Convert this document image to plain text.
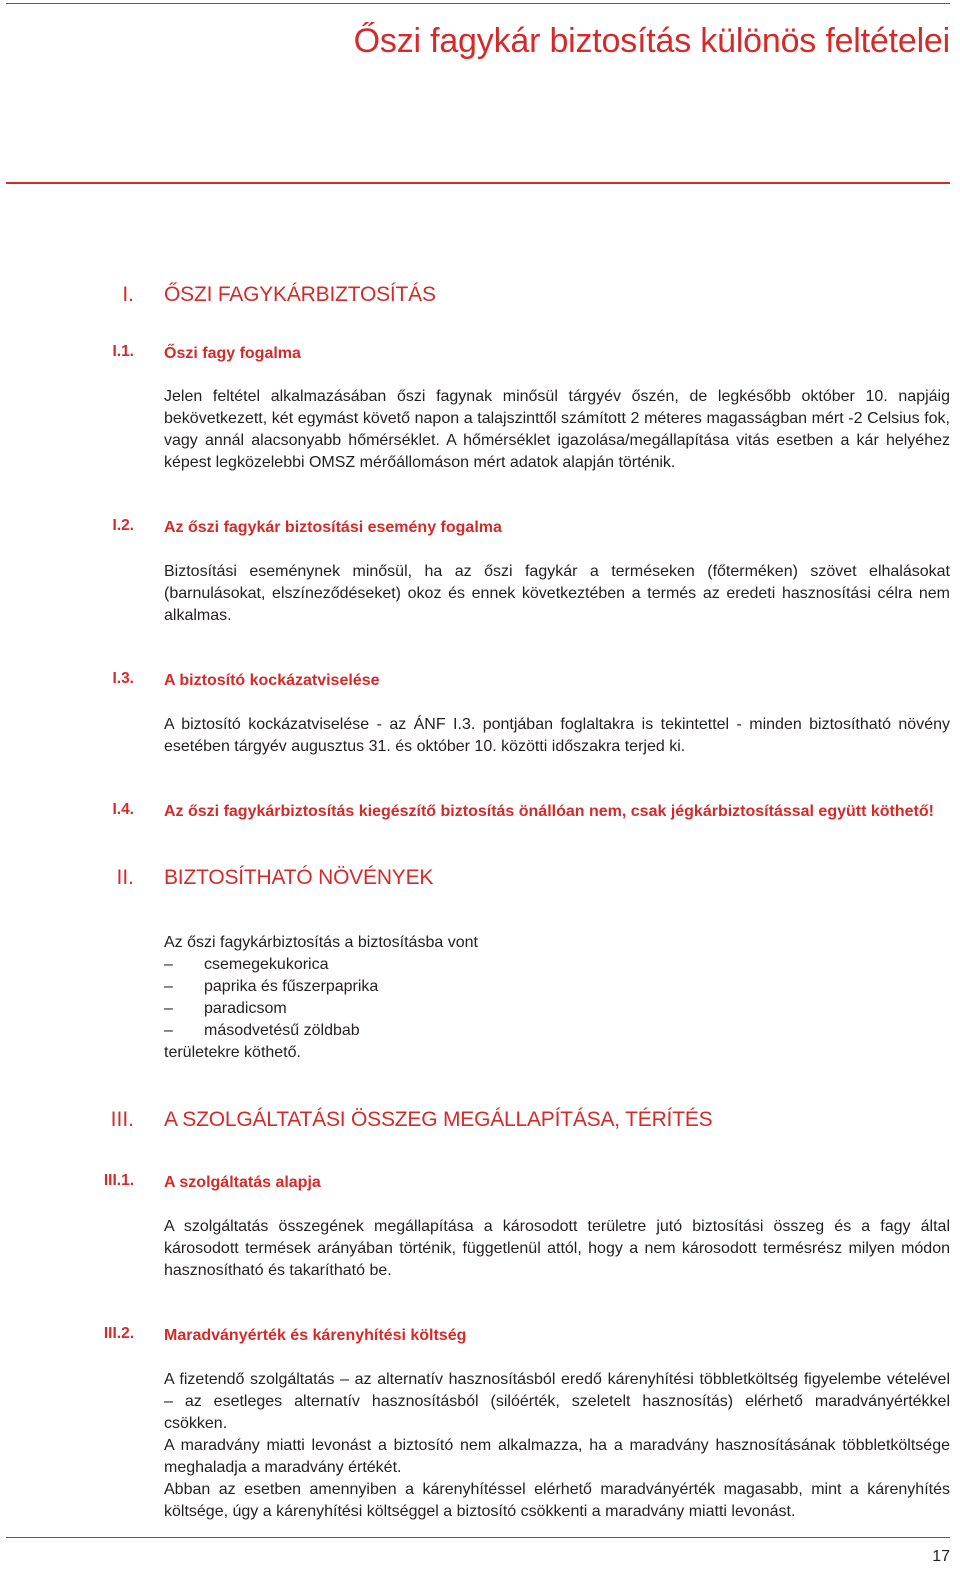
Őszi fagykár biztosítás különös feltételei

I. ŐSZI FAGYKÁRBIZTOSÍTÁS

I.1. Őszi fagy fogalma

Jelen feltétel alkalmazásában őszi fagynak minősül tárgyév őszén, de legkésőbb október 10. napjáig bekövetkezett, két egymást követő napon a talajszinttől számított 2 méteres magasságban mért -2 Celsius fok, vagy annál alacsonyabb hőmérséklet. A hőmérséklet igazolása/megállapítása vitás esetben a kár helyéhez képest legközelebbi OMSZ mérőállomáson mért adatok alapján történik.

I.2. Az őszi fagykár biztosítási esemény fogalma

Biztosítási eseménynek minősül, ha az őszi fagykár a terméseken (főterméken) szövet elhalásokat (barnulásokat, elszíneződéseket) okoz és ennek következtében a termés az eredeti hasznosítási célra nem alkalmas.

I.3. A biztosító kockázatviselése

A biztosító kockázatviselése - az ÁNF I.3. pontjában foglaltakra is tekintettel - minden biztosítható növény esetében tárgyév augusztus 31. és október 10. közötti időszakra terjed ki.

I.4. Az őszi fagykárbiztosítás kiegészítő biztosítás önállóan nem, csak jégkárbiztosítással együtt köthető!

II. BIZTOSÍTHATÓ NÖVÉNYEK
Az őszi fagykárbiztosítás a biztosításba vont
– csemegekukorica
– paprika és fűszerpaprika
– paradicsom
– másodvetésű zöldbab
területekre köthető.

III. A SZOLGÁLTATÁSI ÖSSZEG MEGÁLLAPÍTÁSA, TÉRÍTÉS

III.1. A szolgáltatás alapja

A szolgáltatás összegének megállapítása a károsodott területre jutó biztosítási összeg és a fagy által károsodott termések arányában történik, függetlenül attól, hogy a nem károsodott termésrész milyen módon hasznosítható és takarítható be.

III.2. Maradványérték és kárenyhítési költség

A fizetendő szolgáltatás – az alternatív hasznosításból eredő kárenyhítési többletköltség figyelembe vételével – az esetleges alternatív hasznosításból (silóérték, szeletelt hasznosítás) elérhető maradványértékkel csökken.

A maradvány miatti levonást a biztosító nem alkalmazza, ha a maradvány hasznosításának többletköltsége meghaladja a maradvány értékét.

Abban az esetben amennyiben a kárenyhítéssel elérhető maradványérték magasabb, mint a kárenyhítés költsége, úgy a kárenyhítési költséggel a biztosító csökkenti a maradvány miatti levonást.

17
